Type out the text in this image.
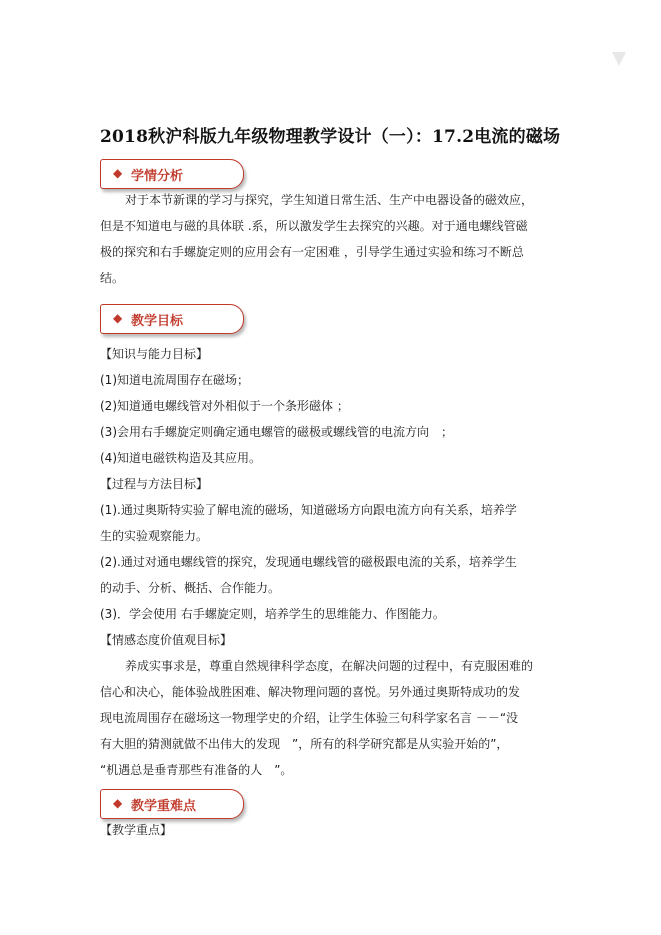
2018秋沪科版九年级物理教学设计（一）：17.2电流的磁场
◆ 学情分析
对于本节新课的学习与探究，学生知道日常生活、生产中电器设备的磁效应，
但是不知道电与磁的具体联 .系，所以激发学生去探究的兴趣。对于通电螺线管磁
极的探究和右手螺旋定则的应用会有一定困难 ，引导学生通过实验和练习不断总
结。
◆ 教学目标
【知识与能力目标】
(1)知道电流周围存在磁场；
(2)知道通电螺线管对外相似于一个条形磁体 ；
(3)会用右手螺旋定则确定通电螺管的磁极或螺线管的电流方向　；
(4)知道电磁铁构造及其应用。
【过程与方法目标】
(1).通过奥斯特实验了解电流的磁场，知道磁场方向跟电流方向有关系，培养学
生的实验观察能力。
(2).通过对通电螺线管的探究，发现通电螺线管的磁极跟电流的关系，培养学生
的动手、分析、概括、合作能力。
(3)．学会使用 右手螺旋定则，培养学生的思维能力、作图能力。
【情感态度价值观目标】
养成实事求是，尊重自然规律科学态度，在解决问题的过程中，有克服困难的
信心和决心，能体验战胜困难、解决物理问题的喜悦。另外通过奥斯特成功的发
现电流周围存在磁场这一物理学史的介绍，让学生体验三句科学家名言 －－“没
有大胆的猜测就做不出伟大的发现　”，所有的科学研究都是从实验开始的”，
“机遇总是垂青那些有准备的人　”。
◆ 教学重难点
【教学重点】
